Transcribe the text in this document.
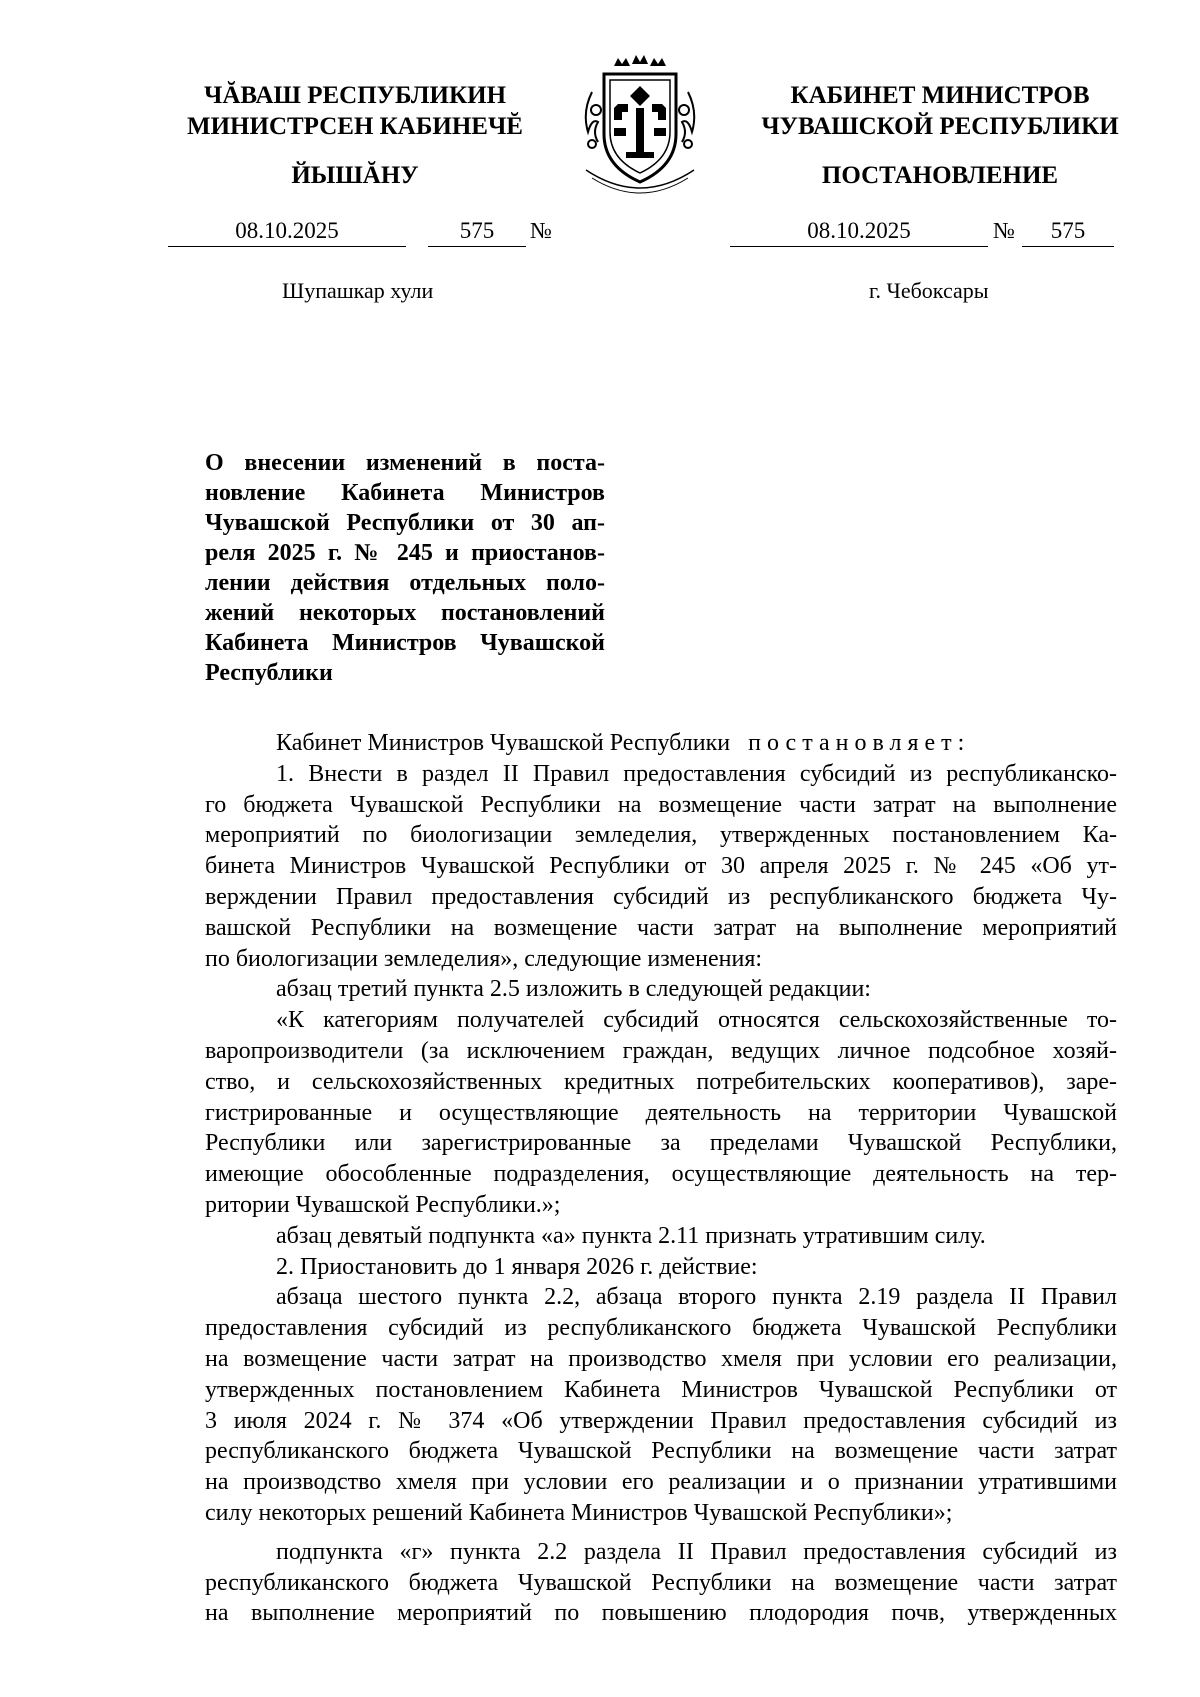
ЧĂВАШ РЕСПУБЛИКИН
МИНИСТРСЕН КАБИНЕЧĔ
ЙЫШĂНУ
КАБИНЕТ МИНИСТРОВ
ЧУВАШСКОЙ РЕСПУБЛИКИ
ПОСТАНОВЛЕНИЕ
08.10.2025	575	№	08.10.2025	№	575
Шупашкар хули	г. Чебоксары
О внесении изменений в поста-
новление Кабинета Министров
Чувашской Республики от 30 ап-
реля 2025 г. № 245 и приостанов-
лении действия отдельных поло-
жений некоторых постановлений
Кабинета Министров Чувашской
Республики

Кабинет Министров Чувашской Республики постановляет:

1. Внести в раздел II Правил предоставления субсидий из республиканско-
го бюджета Чувашской Республики на возмещение части затрат на выполнение
мероприятий по биологизации земледелия, утвержденных постановлением Ка-
бинета Министров Чувашской Республики от 30 апреля 2025 г. № 245 «Об ут-
верждении Правил предоставления субсидий из республиканского бюджета Чу-
вашской Республики на возмещение части затрат на выполнение мероприятий
по биологизации земледелия», следующие изменения:

абзац третий пункта 2.5 изложить в следующей редакции:

«К категориям получателей субсидий относятся сельскохозяйственные то-
варопроизводители (за исключением граждан, ведущих личное подсобное хозяй-
ство, и сельскохозяйственных кредитных потребительских кооперативов), заре-
гистрированные и осуществляющие деятельность на территории Чувашской
Республики или зарегистрированные за пределами Чувашской Республики,
имеющие обособленные подразделения, осуществляющие деятельность на тер-
ритории Чувашской Республики.»;

абзац девятый подпункта «а» пункта 2.11 признать утратившим силу.

2. Приостановить до 1 января 2026 г. действие:

абзаца шестого пункта 2.2, абзаца второго пункта 2.19 раздела II Правил
предоставления субсидий из республиканского бюджета Чувашской Республики
на возмещение части затрат на производство хмеля при условии его реализации,
утвержденных постановлением Кабинета Министров Чувашской Республики от
3 июля 2024 г. № 374 «Об утверждении Правил предоставления субсидий из
республиканского бюджета Чувашской Республики на возмещение части затрат
на производство хмеля при условии его реализации и о признании утратившими
силу некоторых решений Кабинета Министров Чувашской Республики»;

подпункта «г» пункта 2.2 раздела II Правил предоставления субсидий из
республиканского бюджета Чувашской Республики на возмещение части затрат
на выполнение мероприятий по повышению плодородия почв, утвержденных
